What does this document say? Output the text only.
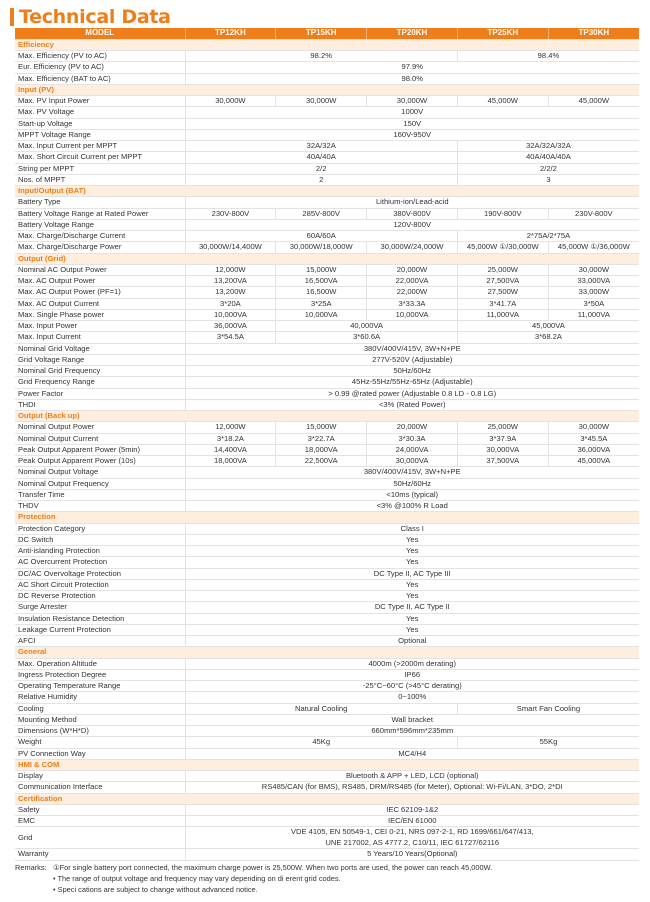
Technical Data
MODEL	TP12KH	TP15KH	TP20KH	TP25KH	TP30KH
Efficiency					
Max. Efficiency (PV to AC)	98.2%			98.4%	
Eur. Efficiency (PV to AC)	97.9%				
Max. Efficiency (BAT to AC)	98.0%				
Input (PV)					
Max. PV Input Power	30,000W	30,000W	30,000W	45,000W	45,000W
Max. PV Voltage	1000V				
Start-up Voltage	150V				
MPPT Voltage Range	160V-950V				
Max. Input Current per MPPT	32A/32A			32A/32A/32A	
Max. Short Circuit Current per MPPT	40A/40A			40A/40A/40A	
String per MPPT	2/2			2/2/2	
Nos. of MPPT	2			3	
Input/Output (BAT)					
Battery Type	Lithium-ion/Lead-acid				
Battery Voltage Range at Rated Power	230V-800V	285V-800V	380V-800V	190V-800V	230V-800V
Battery Voltage Range	120V-800V				
Max. Charge/Discharge Current	60A/60A			2*75A/2*75A	
Max. Charge/Discharge Power	30,000W/14,400W	30,000W/18,000W	30,000W/24,000W	45,000W ①/30,000W	45,000W ①/36,000W
Output (Grid)					
Nominal AC Output Power	12,000W	15,000W	20,000W	25,000W	30,000W
Max. AC Output Power	13,200VA	16,500VA	22,000VA	27,500VA	33,000VA
Max. AC Output Power (PF=1)	13,200W	16,500W	22,000W	27,500W	33,000W
Max. AC Output Current	3*20A	3*25A	3*33.3A	3*41.7A	3*50A
Max. Single Phase power	10,000VA	10,000VA	10,000VA	11,000VA	11,000VA
Max. Input Power	36,000VA	40,000VA		45,000VA	
Max. Input Current	3*54.5A	3*60.6A		3*68.2A	
Nominal Grid Voltage	380V/400V/415V, 3W+N+PE				
Grid Voltage Range	277V-520V (Adjustable)				
Nominal Grid Frequency	50Hz/60Hz				
Grid Frequency Range	45Hz-55Hz/55Hz-65Hz (Adjustable)				
Power Factor	> 0.99 @rated power (Adjustable 0.8 LD - 0.8 LG)				
THDI	<3% (Rated Power)				
Output (Back up)					
Nominal Output Power	12,000W	15,000W	20,000W	25,000W	30,000W
Nominal Output Current	3*18.2A	3*22.7A	3*30.3A	3*37.9A	3*45.5A
Peak Output Apparent Power (5min)	14,400VA	18,000VA	24,000VA	30,000VA	36,000VA
Peak Output Apparent Power (10s)	18,000VA	22,500VA	30,000VA	37,500VA	45,000VA
Nominal Output Voltage	380V/400V/415V, 3W+N+PE				
Nominal Output Frequency	50Hz/60Hz				
Transfer Time	<10ms (typical)				
THDV	<3% @100% R Load				
Protection					
Protection Category	Class I				
DC Switch	Yes				
Anti-islanding Protection	Yes				
AC Overcurrent Protection	Yes				
DC/AC Overvoltage Protection	DC Type II, AC Type III				
AC Short Circuit Protection	Yes				
DC Reverse Protection	Yes				
Surge Arrester	DC Type II, AC Type II				
Insulation Resistance Detection	Yes				
Leakage Current Protection	Yes				
AFCI	Optional				
General					
Max. Operation Altitude	4000m (>2000m derating)				
Ingress Protection Degree	IP66				
Operating Temperature Range	-25°C~60°C (>45°C derating)				
Relative Humidity	0~100%				
Cooling	Natural Cooling			Smart Fan Cooling	
Mounting Method	Wall bracket				
Dimensions (W*H*D)	660mm*596mm*235mm				
Weight	45Kg			55Kg	
PV Connection Way	MC4/H4				
HMI & COM					
Display	Bluetooth & APP + LED, LCD (optional)				
Communication Interface	RS485/CAN (for BMS), RS485, DRM/RS485 (for Meter), Optional: Wi-Fi/LAN, 3*DO, 2*DI				
Certification					
Safety	IEC 62109-1&2				
EMC	IEC/EN 61000				
Grid	VDE 4105, EN 50549-1, CEI 0-21, NRS 097-2-1, RD 1699/661/647/413,
UNE 217002, AS 4777.2, C10/11, IEC 61727/62116				
Warranty	5 Years/10 Years(Optional)				
Remarks: ①For single battery port connected, the maximum charge power is 25,500W. When two ports are used, the power can reach 45,000W.
• The range of output voltage and frequency may vary depending on di erent grid codes.
• Speci cations are subject to change without advanced notice.
